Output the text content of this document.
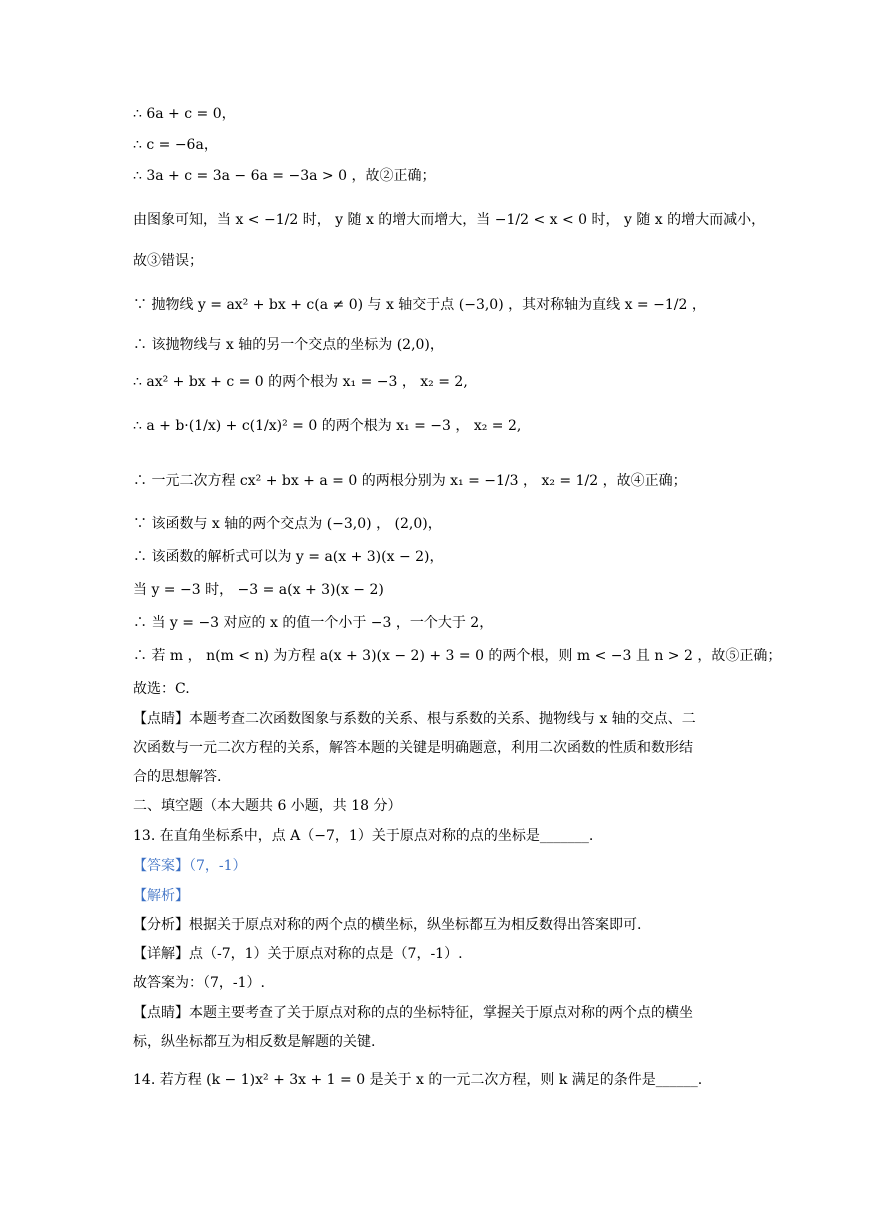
∴ 6a + c = 0，
∴ c = −6a，
∴ 3a + c = 3a − 6a = −3a > 0 ，故②正确；
由图象可知，当 x < −1/2 时， y 随 x 的增大而增大，当 −1/2 < x < 0 时， y 随 x 的增大而减小，
故③错误；
∵ 抛物线 y = ax² + bx + c(a ≠ 0) 与 x 轴交于点 (−3,0) ，其对称轴为直线 x = −1/2 ，
∴ 该抛物线与 x 轴的另一个交点的坐标为 (2,0)，
∴ ax² + bx + c = 0 的两个根为 x₁ = −3 ， x₂ = 2,
∴ a + b·(1/x) + c(1/x)² = 0 的两个根为 x₁ = −3 ， x₂ = 2,
∴ 一元二次方程 cx² + bx + a = 0 的两根分别为 x₁ = −1/3 ， x₂ = 1/2 ，故④正确；
∵ 该函数与 x 轴的两个交点为 (−3,0) ， (2,0)，
∴ 该函数的解析式可以为 y = a(x + 3)(x − 2)，
当 y = −3 时， −3 = a(x + 3)(x − 2)
∴ 当 y = −3 对应的 x 的值一个小于 −3 ，一个大于 2，
∴ 若 m ， n(m < n) 为方程 a(x + 3)(x − 2) + 3 = 0 的两个根，则 m < −3 且 n > 2 ，故⑤正确；
故选：C.
【点睛】本题考查二次函数图象与系数的关系、根与系数的关系、抛物线与 x 轴的交点、二
次函数与一元二次方程的关系，解答本题的关键是明确题意，利用二次函数的性质和数形结
合的思想解答.
二、填空题（本大题共 6 小题，共 18 分）
13. 在直角坐标系中，点 A（−7，1）关于原点对称的点的坐标是_______.
【答案】（7，-1）
【解析】
【分析】根据关于原点对称的两个点的横坐标，纵坐标都互为相反数得出答案即可.
【详解】点（-7，1）关于原点对称的点是（7，-1）.
故答案为：（7，-1）.
【点睛】本题主要考查了关于原点对称的点的坐标特征，掌握关于原点对称的两个点的横坐
标，纵坐标都互为相反数是解题的关键.
14. 若方程 (k − 1)x² + 3x + 1 = 0 是关于 x 的一元二次方程，则 k 满足的条件是______.
